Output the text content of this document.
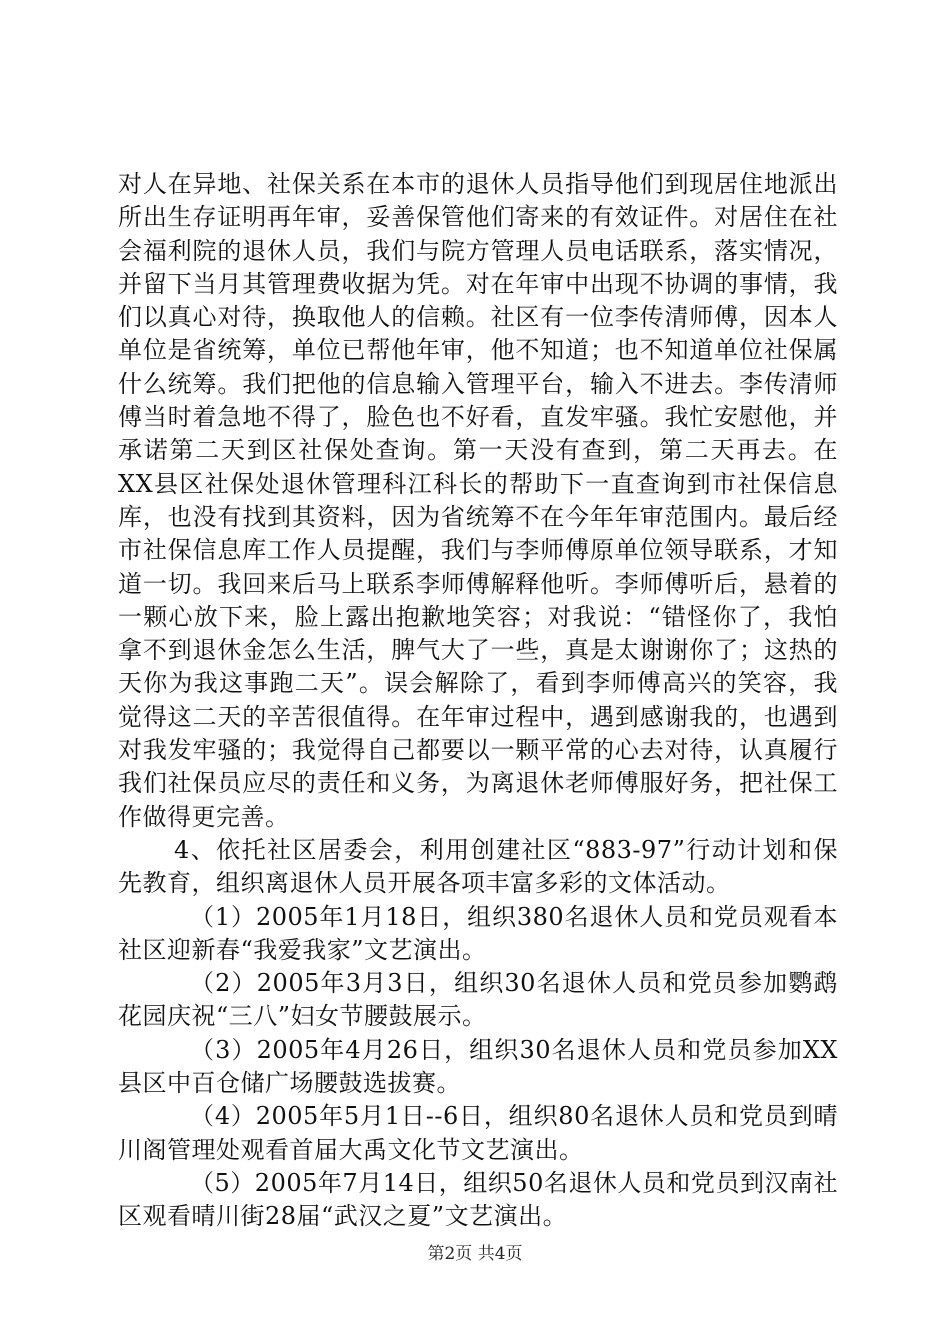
对人在异地、社保关系在本市的退休人员指导他们到现居住地派出所出生存证明再年审，妥善保管他们寄来的有效证件。对居住在社会福利院的退休人员，我们与院方管理人员电话联系，落实情况，并留下当月其管理费收据为凭。对在年审中出现不协调的事情，我们以真心对待，换取他人的信赖。社区有一位李传清师傅，因本人单位是省统筹，单位已帮他年审，他不知道；也不知道单位社保属什么统筹。我们把他的信息输入管理平台，输入不进去。李传清师傅当时着急地不得了，脸色也不好看，直发牢骚。我忙安慰他，并承诺第二天到区社保处查询。第一天没有查到，第二天再去。在XX县区社保处退休管理科江科长的帮助下一直查询到市社保信息库，也没有找到其资料，因为省统筹不在今年年审范围内。最后经市社保信息库工作人员提醒，我们与李师傅原单位领导联系，才知道一切。我回来后马上联系李师傅解释他听。李师傅听后，悬着的一颗心放下来，脸上露出抱歉地笑容；对我说：“错怪你了，我怕拿不到退休金怎么生活，脾气大了一些，真是太谢谢你了；这热的天你为我这事跑二天”。误会解除了，看到李师傅高兴的笑容，我觉得这二天的辛苦很值得。在年审过程中，遇到感谢我的，也遇到对我发牢骚的；我觉得自己都要以一颗平常的心去对待，认真履行我们社保员应尽的责任和义务，为离退休老师傅服好务，把社保工作做得更完善。

4、依托社区居委会，利用创建社区“883-97”行动计划和保先教育，组织离退休人员开展各项丰富多彩的文体活动。

（1）2005年1月18日，组织380名退休人员和党员观看本社区迎新春“我爱我家”文艺演出。

（2）2005年3月3日，组织30名退休人员和党员参加鹦鹉花园庆祝“三八”妇女节腰鼓展示。

（3）2005年4月26日，组织30名退休人员和党员参加XX县区中百仓储广场腰鼓选拔赛。

（4）2005年5月1日--6日，组织80名退休人员和党员到晴川阁管理处观看首届大禹文化节文艺演出。

（5）2005年7月14日，组织50名退休人员和党员到汉南社区观看晴川街28届“武汉之夏”文艺演出。

第2页 共4页
